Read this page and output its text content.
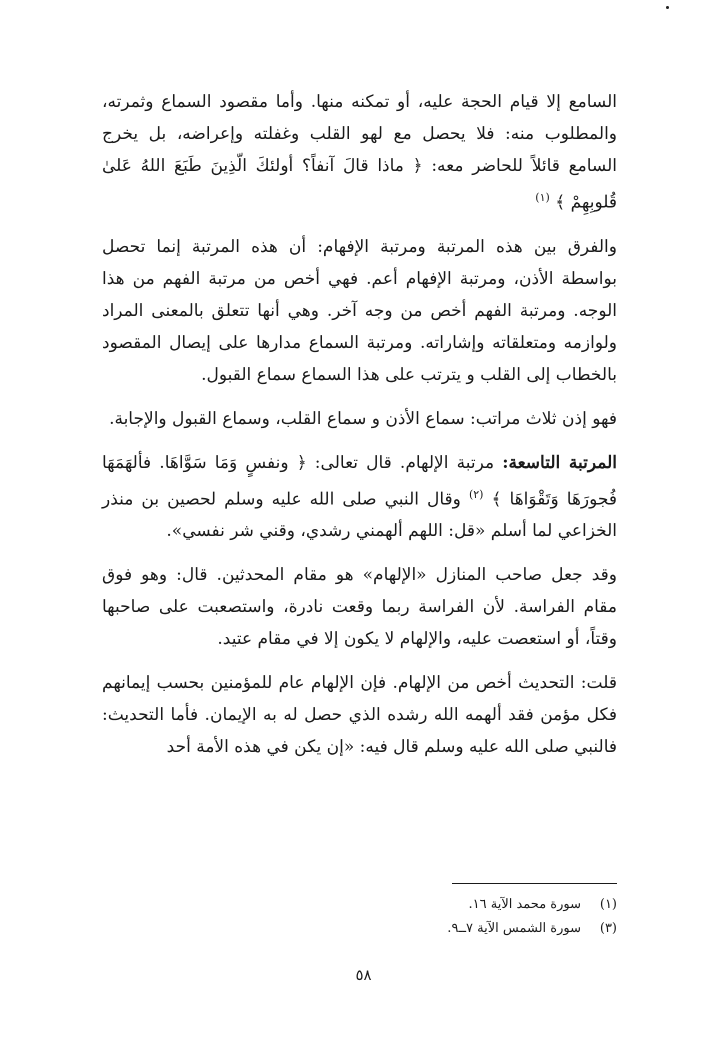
السامع إلا قيام الحجة عليه، أو تمكنه منها. وأما مقصود السماع وثمرته، والمطلوب منه: فلا يحصل مع لهو القلب وغفلته وإعراضه، بل يخرج السامع قائلاً للحاضر معه: ﴿ ماذا قالَ آنفاً؟ أولئكَ الّذِينَ طَبَعَ اللهُ عَلىٰ قُلوبِهِمْ ﴾ $^{(١)}$

والفرق بين هذه المرتبة ومرتبة الإفهام: أن هذه المرتبة إنما تحصل بواسطة الأذن، ومرتبة الإفهام أعم. فهي أخص من مرتبة الفهم من هذا الوجه. ومرتبة الفهم أخص من وجه آخر. وهي أنها تتعلق بالمعنى المراد ولوازمه ومتعلقاته وإشاراته. ومرتبة السماع مدارها على إيصال المقصود بالخطاب إلى القلب و يترتب على هذا السماع سماع القبول.

فهو إذن ثلاث مراتب: سماع الأذن و سماع القلب، وسماع القبول والإجابة.

المرتبة التاسعة: مرتبة الإلهام. قال تعالى: ﴿ ونفسٍ وَمَا سَوَّاهَا. فألهَمَهَا فُجورَهَا وَتَقْوَاهَا ﴾ $^{(٢)}$ وقال النبي صلى الله عليه وسلم لحصين بن منذر الخزاعي لما أسلم «قل: اللهم ألهمني رشدي، وقني شر نفسي».

وقد جعل صاحب المنازل «الإلهام» هو مقام المحدثين. قال: وهو فوق مقام الفراسة. لأن الفراسة ربما وقعت نادرة، واستصعبت على صاحبها وقتاً، أو استعصت عليه، والإلهام لا يكون إلا في مقام عتيد.

قلت: التحديث أخص من الإلهام. فإن الإلهام عام للمؤمنين بحسب إيمانهم فكل مؤمن فقد ألهمه الله رشده الذي حصل له به الإيمان. فأما التحديث: فالنبي صلى الله عليه وسلم قال فيه: «إن يكن في هذه الأمة أحد

(١)
سورة محمد الآية ١٦.
(٣)
سورة الشمس الآية ٧ــ٩.
٥٨
